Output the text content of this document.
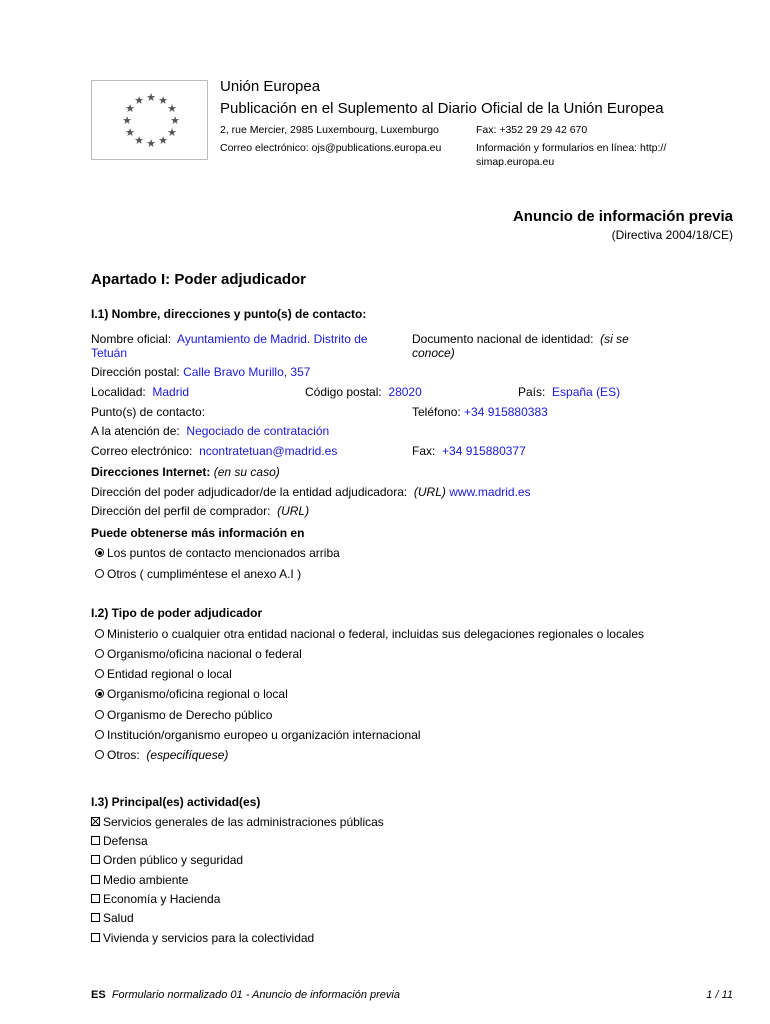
★ ★
★
★
★
★
★
★
★
★
★
★
Unión Europea
Publicación en el Suplemento al Diario Oficial de la Unión Europea
2, rue Mercier, 2985 Luxembourg, Luxemburgo	Fax: +352 29 29 42 670
Correo electrónico: ojs@publications.europa.eu	Información y formularios en línea: http://
simap.europa.eu
Anuncio de información previa
(Directiva 2004/18/CE)
Apartado I: Poder adjudicador
I.1) Nombre, direcciones y punto(s) de contacto:
Nombre oficial: Ayuntamiento de Madrid. Distrito de
Tetuán
Documento nacional de identidad: (si se
conoce)
Dirección postal: Calle Bravo Murillo, 357
Localidad: Madrid	Código postal: 28020	País: España (ES)
Punto(s) de contacto:	Teléfono: +34 915880383
A la atención de: Negociado de contratación
Correo electrónico: ncontratetuan@madrid.es	Fax: +34 915880377
Direcciones Internet: (en su caso)
Dirección del poder adjudicador/de la entidad adjudicadora: (URL) www.madrid.es
Dirección del perfil de comprador: (URL)
Puede obtenerse más información en
Los puntos de contacto mencionados arriba
Otros ( cumpliméntese el anexo A.I )
I.2) Tipo de poder adjudicador
Ministerio o cualquier otra entidad nacional o federal, incluidas sus delegaciones regionales o locales
Organismo/oficina nacional o federal
Entidad regional o local
Organismo/oficina regional o local
Organismo de Derecho público
Institución/organismo europeo u organización internacional
Otros: (especifíquese)
I.3) Principal(es) actividad(es)
Servicios generales de las administraciones públicas
Defensa
Orden público y seguridad
Medio ambiente
Economía y Hacienda
Salud
Vivienda y servicios para la colectividad
ES Formulario normalizado 01 - Anuncio de información previa	1 / 11
